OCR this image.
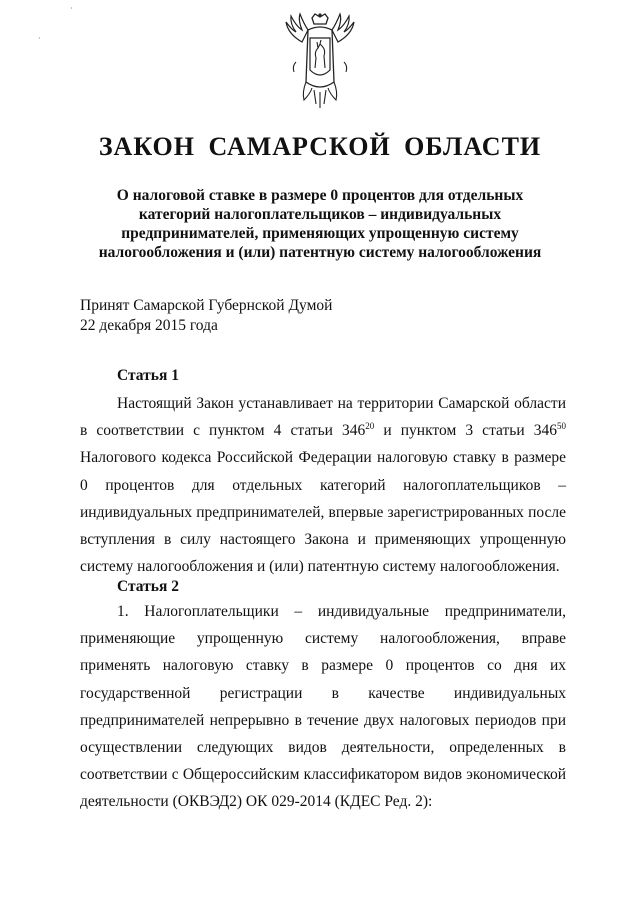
·
·
ЗАКОН САМАРСКОЙ ОБЛАСТИ

О налоговой ставке в размере 0 процентов для отдельных категорий налогоплательщиков – индивидуальных предпринимателей, применяющих упрощенную систему налогообложения и (или) патентную систему налогообложения

Принят Самарской Губернской Думой
22 декабря 2015 года

Статья 1

Настоящий Закон устанавливает на территории Самарской области в соответствии с пунктом 4 статьи $346^{20}$ и пунктом 3 статьи $346^{50}$ Налогового кодекса Российской Федерации налоговую ставку в размере 0 процентов для отдельных категорий налогоплательщиков – индивидуальных предпринимателей, впервые зарегистрированных после вступления в силу настоящего Закона и применяющих упрощенную систему налогообложения и (или) патентную систему налогообложения.

Статья 2

1. Налогоплательщики – индивидуальные предприниматели, применяющие упрощенную систему налогообложения, вправе применять налоговую ставку в размере 0 процентов со дня их государственной регистрации в качестве индивидуальных предпринимателей непрерывно в течение двух налоговых периодов при осуществлении следующих видов деятельности, определенных в соответствии с Общероссийским классификатором видов экономической деятельности (ОКВЭД2) ОК 029-2014 (КДЕС Ред. 2):
